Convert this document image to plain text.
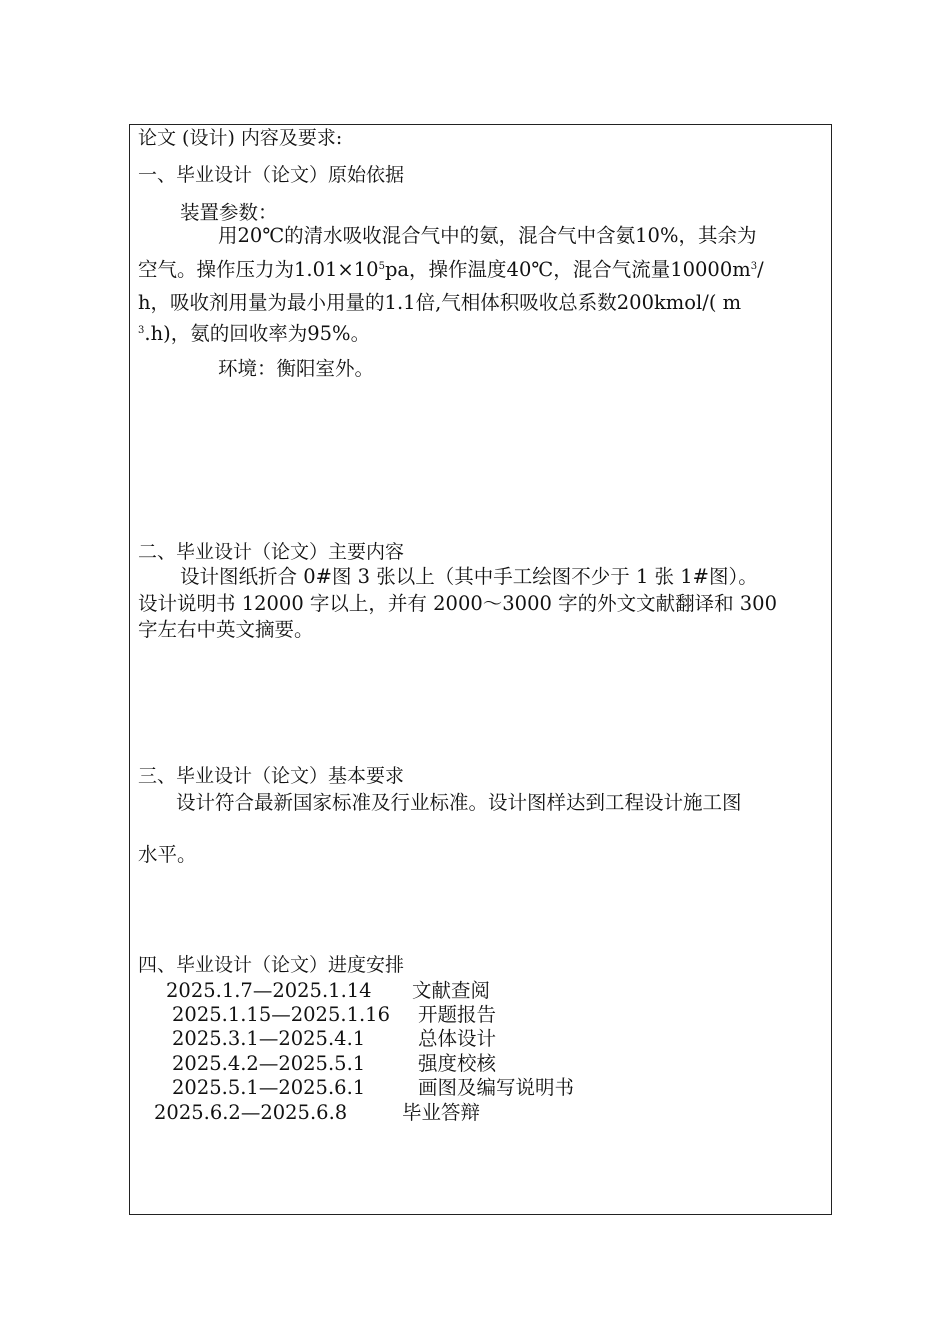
论文 (设计) 内容及要求:
一、毕业设计（论文）原始依据
装置参数：
用20℃的清水吸收混合气中的氨，混合气中含氨10%，其余为
空气。操作压力为$1.01\times 10^5pa$，操作温度40℃，混合气流量$10000m^3/$
h，吸收剂用量为最小用量的1.1倍,气相体积吸收总系数200kmol/( m
$^3$.h)，氨的回收率为95%。
环境：衡阳室外。
二、毕业设计（论文）主要内容
设计图纸折合 0#图 3 张以上（其中手工绘图不少于 1 张 1#图）。
设计说明书 12000 字以上，并有 2000～3000 字的外文文献翻译和 300
字左右中英文摘要。
三、毕业设计（论文）基本要求
设计符合最新国家标准及行业标准。设计图样达到工程设计施工图
水平。
四、毕业设计（论文）进度安排
2025.1.7—2025.1.14 文献查阅
2025.1.15—2025.1.16 开题报告
2025.3.1—2025.4.1	总体设计
2025.4.2—2025.5.1	强度校核
2025.5.1—2025.6.1	画图及编写说明书
2025.6.2—2025.6.8	毕业答辩
